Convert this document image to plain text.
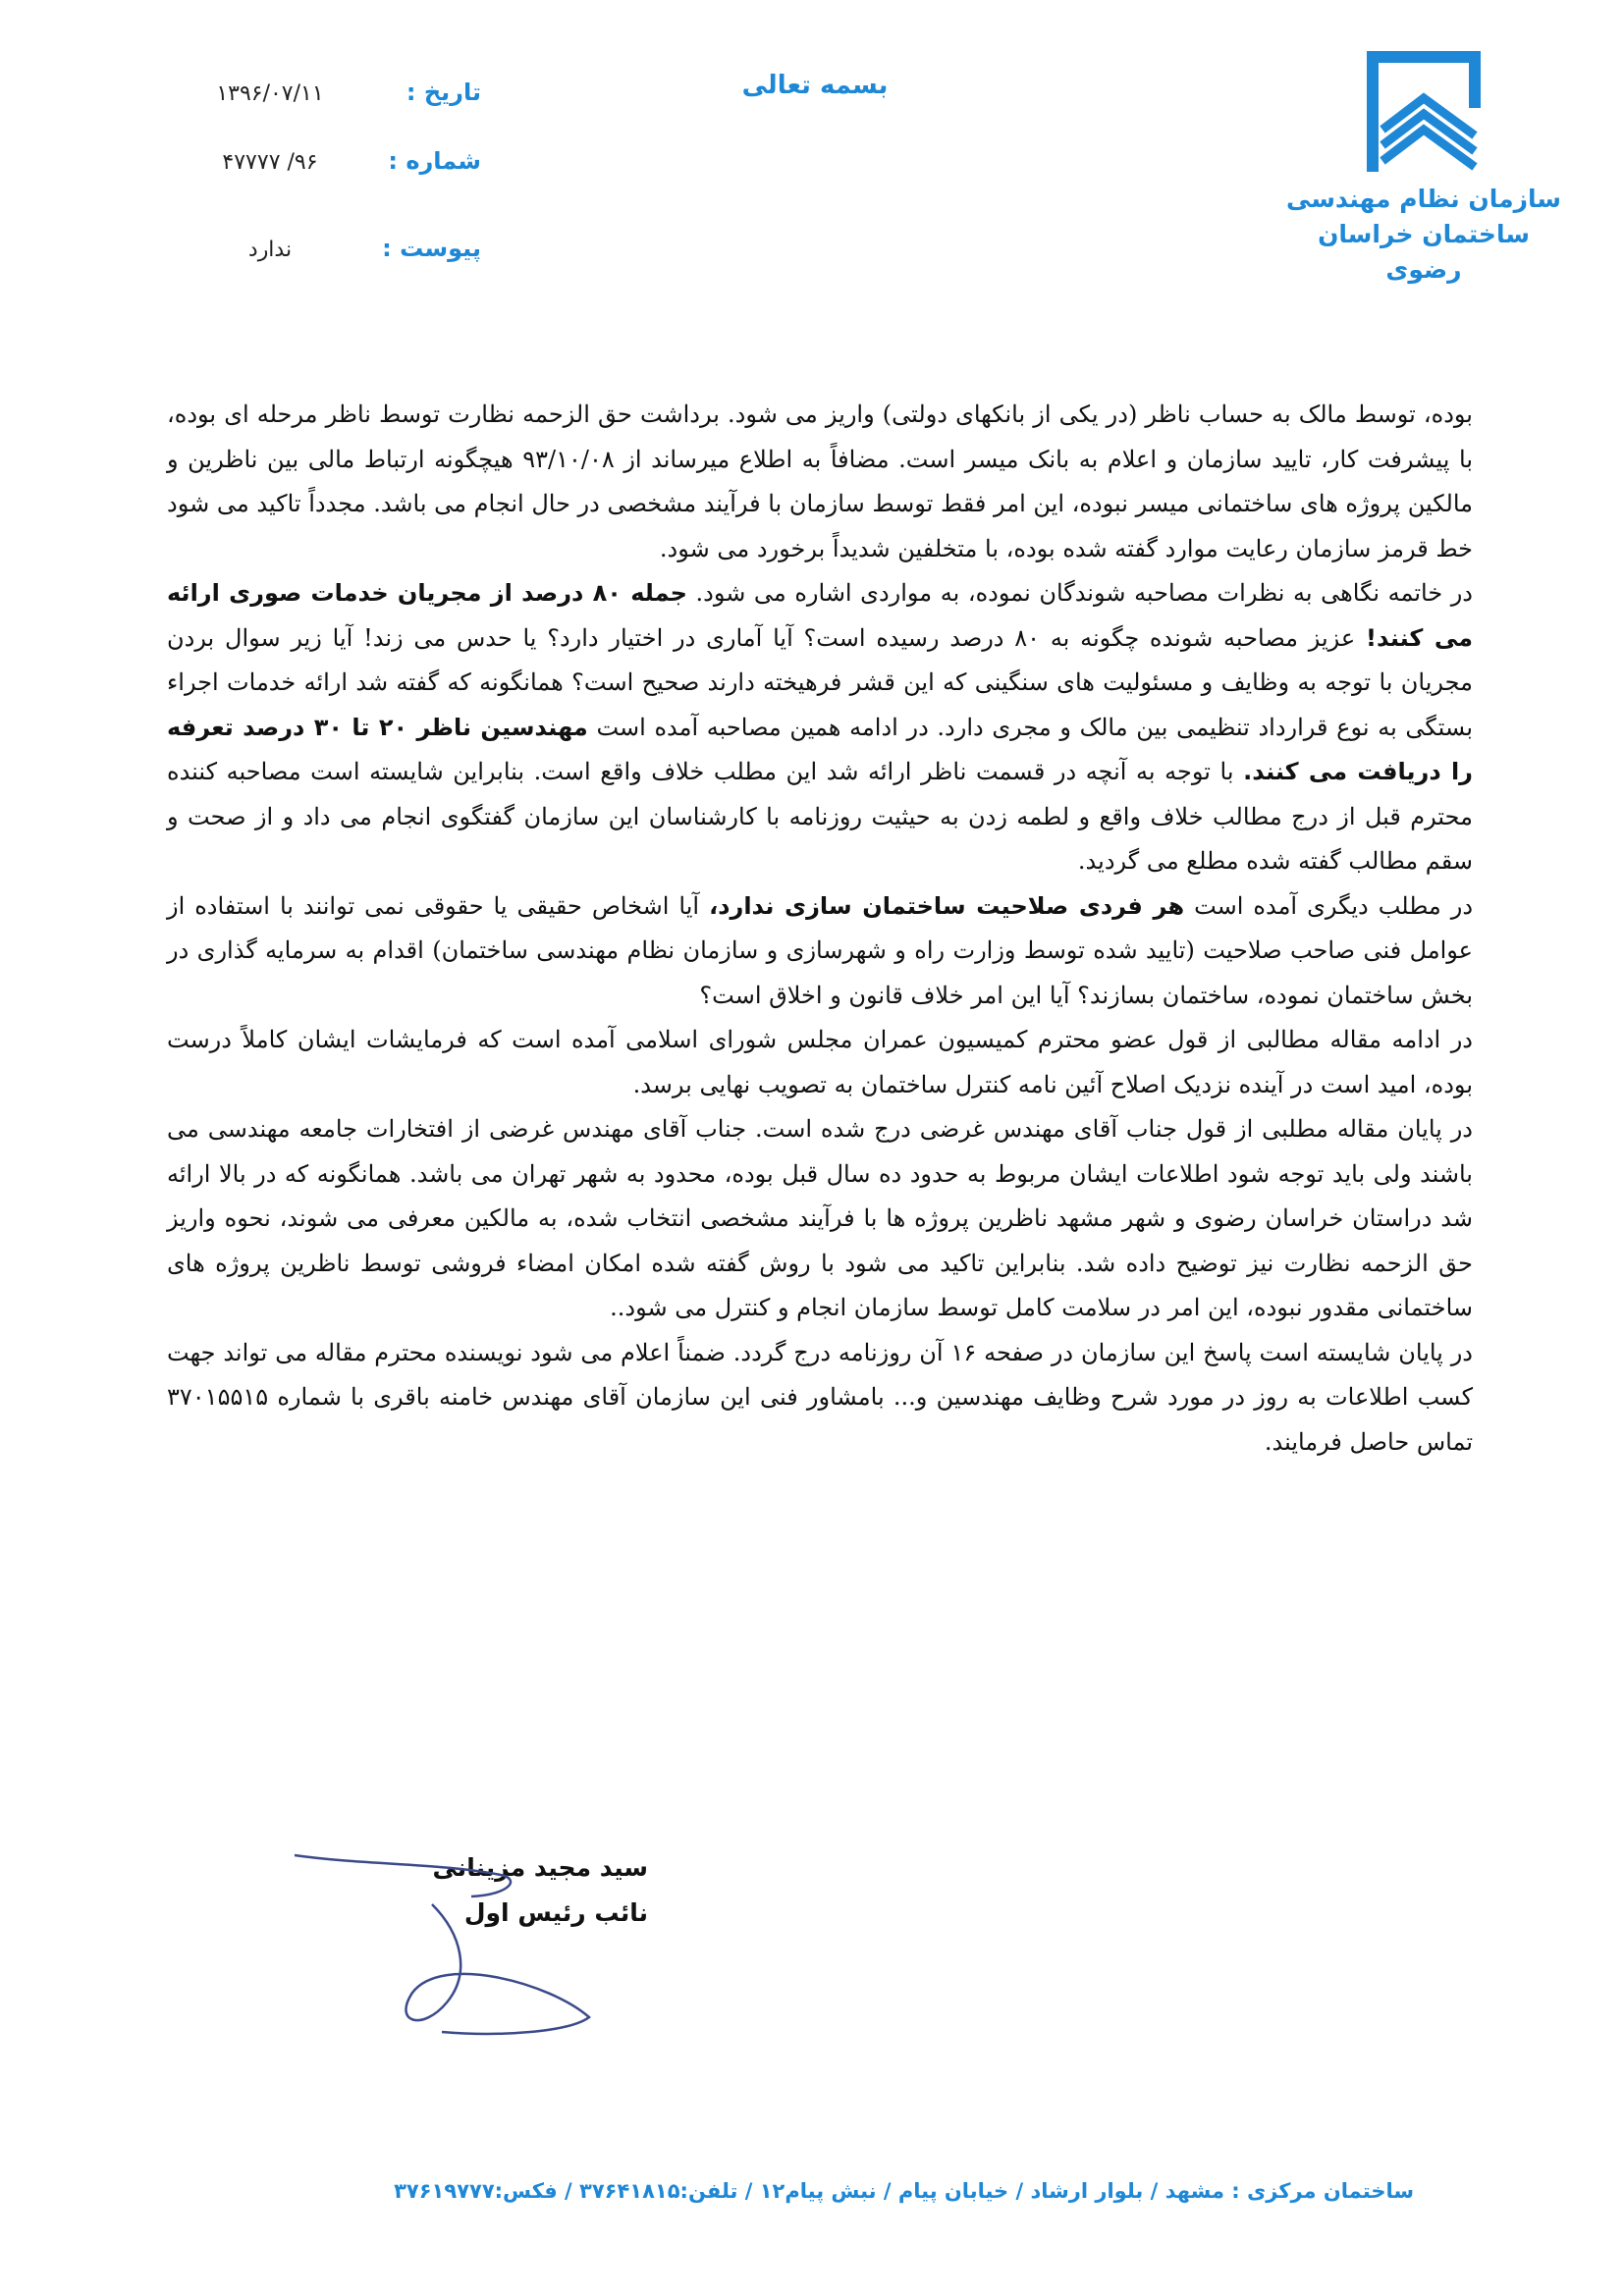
بسمه تعالی
تاریخ :
۱۳۹۶/۰۷/۱۱
شماره :
۹۶/ ۴۷۷۷۷
پیوست :
ندارد
سازمان نظام مهندسی
ساختمان خراسان رضوی

بوده، توسط مالک به حساب ناظر (در یکی از بانکهای دولتی) واریز می شود. برداشت حق الزحمه نظارت توسط ناظر مرحله ای بوده، با پیشرفت کار، تایید سازمان و اعلام به بانک میسر است. مضافاً به اطلاع میرساند از ۹۳/۱۰/۰۸ هیچگونه ارتباط مالی بین ناظرین و مالکین پروژه های ساختمانی میسر نبوده، این امر فقط توسط سازمان با فرآیند مشخصی در حال انجام می باشد. مجدداً تاکید می شود خط قرمز سازمان رعایت موارد گفته شده بوده، با متخلفین شدیداً برخورد می شود.

در خاتمه نگاهی به نظرات مصاحبه شوندگان نموده، به مواردی اشاره می شود. جمله ۸۰ درصد از مجریان خدمات صوری ارائه می کنند! عزیز مصاحبه شونده چگونه به ۸۰ درصد رسیده است؟ آیا آماری در اختیار دارد؟ یا حدس می زند! آیا زیر سوال بردن مجریان با توجه به وظایف و مسئولیت های سنگینی که این قشر فرهیخته دارند صحیح است؟ همانگونه که گفته شد ارائه خدمات اجراء بستگی به نوع قرارداد تنظیمی بین مالک و مجری دارد. در ادامه همین مصاحبه آمده است مهندسین ناظر ۲۰ تا ۳۰ درصد تعرفه را دریافت می کنند. با توجه به آنچه در قسمت ناظر ارائه شد این مطلب خلاف واقع است. بنابراین شایسته است مصاحبه کننده محترم قبل از درج مطالب خلاف واقع و لطمه زدن به حیثیت روزنامه با کارشناسان این سازمان گفتگوی انجام می داد و از صحت و سقم مطالب گفته شده مطلع می گردید.

در مطلب دیگری آمده است هر فردی صلاحیت ساختمان سازی ندارد، آیا اشخاص حقیقی یا حقوقی نمی توانند با استفاده از عوامل فنی صاحب صلاحیت (تایید شده توسط وزارت راه و شهرسازی و سازمان نظام مهندسی ساختمان) اقدام به سرمایه گذاری در بخش ساختمان نموده، ساختمان بسازند؟ آیا این امر خلاف قانون و اخلاق است؟

در ادامه مقاله مطالبی از قول عضو محترم کمیسیون عمران مجلس شورای اسلامی آمده است که فرمایشات ایشان کاملاً درست بوده، امید است در آینده نزدیک اصلاح آئین نامه کنترل ساختمان به تصویب نهایی برسد.

در پایان مقاله مطلبی از قول جناب آقای مهندس غرضی درج شده است. جناب آقای مهندس غرضی از افتخارات جامعه مهندسی می باشند ولی باید توجه شود اطلاعات ایشان مربوط به حدود ده سال قبل بوده، محدود به شهر تهران می باشد. همانگونه که در بالا ارائه شد دراستان خراسان رضوی و شهر مشهد ناظرین پروژه ها با فرآیند مشخصی انتخاب شده، به مالکین معرفی می شوند، نحوه واریز حق الزحمه نظارت نیز توضیح داده شد. بنابراین تاکید می شود با روش گفته شده امکان امضاء فروشی توسط ناظرین پروژه های ساختمانی مقدور نبوده، این امر در سلامت کامل توسط سازمان انجام و کنترل می شود..

در پایان شایسته است پاسخ این سازمان در صفحه ۱۶ آن روزنامه درج گردد. ضمناً اعلام می شود نویسنده محترم مقاله می تواند جهت کسب اطلاعات به روز در مورد شرح وظایف مهندسین و... بامشاور فنی این سازمان آقای مهندس خامنه باقری با شماره ۳۷۰۱۵۵۱۵ تماس حاصل فرمایند.

سید مجید مزینانی
نائب رئیس اول
ساختمان مرکزی : مشهد / بلوار ارشاد / خیابان پیام / نبش پیام۱۲ / تلفن:۳۷۶۴۱۸۱۵ / فکس:۳۷۶۱۹۷۷۷
